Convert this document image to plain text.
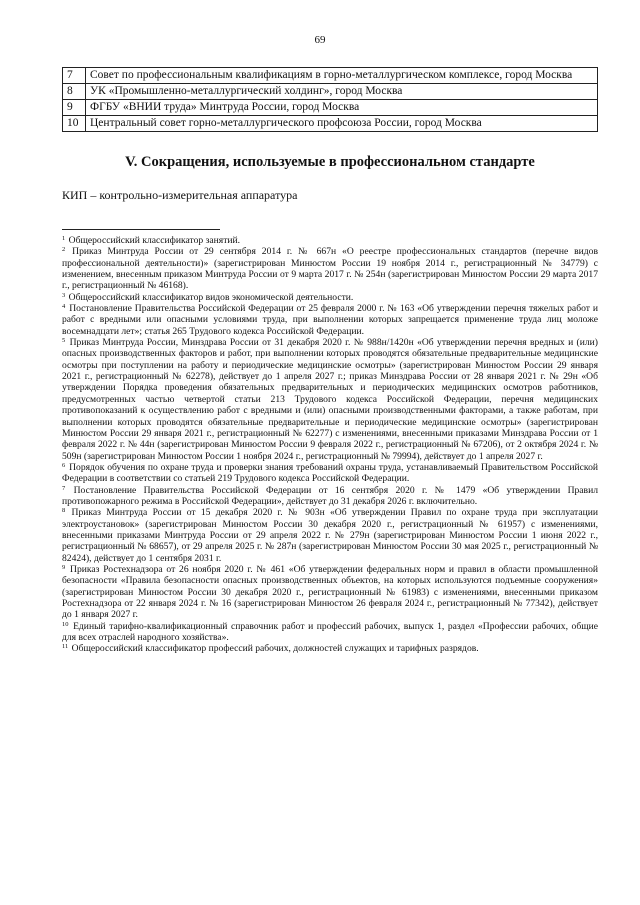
69
7	Совет по профессиональным квалификациям в горно-металлургическом комплексе, город Москва
8	УК «Промышленно-металлургический холдинг», город Москва
9	ФГБУ «ВНИИ труда» Минтруда России, город Москва
10	Центральный совет горно-металлургического профсоюза России, город Москва
V. Сокращения, используемые в профессиональном стандарте
КИП – контрольно-измерительная аппаратура

$^1$ Общероссийский классификатор занятий.

$^2$ Приказ Минтруда России от 29 сентября 2014 г. № 667н «О реестре профессиональных стандартов (перечне видов профессиональной деятельности)» (зарегистрирован Минюстом России 19 ноября 2014 г., регистрационный № 34779) с изменением, внесенным приказом Минтруда России от 9 марта 2017 г. № 254н (зарегистрирован Минюстом России 29 марта 2017 г., регистрационный № 46168).

$^3$ Общероссийский классификатор видов экономической деятельности.

$^4$ Постановление Правительства Российской Федерации от 25 февраля 2000 г. № 163 «Об утверждении перечня тяжелых работ и работ с вредными или опасными условиями труда, при выполнении которых запрещается применение труда лиц моложе восемнадцати лет»; статья 265 Трудового кодекса Российской Федерации.

$^5$ Приказ Минтруда России, Минздрава России от 31 декабря 2020 г. № 988н/1420н «Об утверждении перечня вредных и (или) опасных производственных факторов и работ, при выполнении которых проводятся обязательные предварительные медицинские осмотры при поступлении на работу и периодические медицинские осмотры» (зарегистрирован Минюстом России 29 января 2021 г., регистрационный № 62278), действует до 1 апреля 2027 г.; приказ Минздрава России от 28 января 2021 г. № 29н «Об утверждении Порядка проведения обязательных предварительных и периодических медицинских осмотров работников, предусмотренных частью четвертой статьи 213 Трудового кодекса Российской Федерации, перечня медицинских противопоказаний к осуществлению работ с вредными и (или) опасными производственными факторами, а также работам, при выполнении которых проводятся обязательные предварительные и периодические медицинские осмотры» (зарегистрирован Минюстом России 29 января 2021 г., регистрационный № 62277) с изменениями, внесенными приказами Минздрава России от 1 февраля 2022 г. № 44н (зарегистрирован Минюстом России 9 февраля 2022 г., регистрационный № 67206), от 2 октября 2024 г. № 509н (зарегистрирован Минюстом России 1 ноября 2024 г., регистрационный № 79994), действует до 1 апреля 2027 г.

$^6$ Порядок обучения по охране труда и проверки знания требований охраны труда, устанавливаемый Правительством Российской Федерации в соответствии со статьей 219 Трудового кодекса Российской Федерации.

$^7$ Постановление Правительства Российской Федерации от 16 сентября 2020 г. № 1479 «Об утверждении Правил противопожарного режима в Российской Федерации», действует до 31 декабря 2026 г. включительно.

$^8$ Приказ Минтруда России от 15 декабря 2020 г. № 903н «Об утверждении Правил по охране труда при эксплуатации электроустановок» (зарегистрирован Минюстом России 30 декабря 2020 г., регистрационный № 61957) с изменениями, внесенными приказами Минтруда России от 29 апреля 2022 г. № 279н (зарегистрирован Минюстом России 1 июня 2022 г., регистрационный № 68657), от 29 апреля 2025 г. № 287н (зарегистрирован Минюстом России 30 мая 2025 г., регистрационный № 82424), действует до 1 сентября 2031 г.

$^9$ Приказ Ростехнадзора от 26 ноября 2020 г. № 461 «Об утверждении федеральных норм и правил в области промышленной безопасности «Правила безопасности опасных производственных объектов, на которых используются подъемные сооружения» (зарегистрирован Минюстом России 30 декабря 2020 г., регистрационный № 61983) с изменениями, внесенными приказом Ростехнадзора от 22 января 2024 г. № 16 (зарегистрирован Минюстом 26 февраля 2024 г., регистрационный № 77342), действует до 1 января 2027 г.

$^{10}$ Единый тарифно-квалификационный справочник работ и профессий рабочих, выпуск 1, раздел «Профессии рабочих, общие для всех отраслей народного хозяйства».

$^{11}$ Общероссийский классификатор профессий рабочих, должностей служащих и тарифных разрядов.
